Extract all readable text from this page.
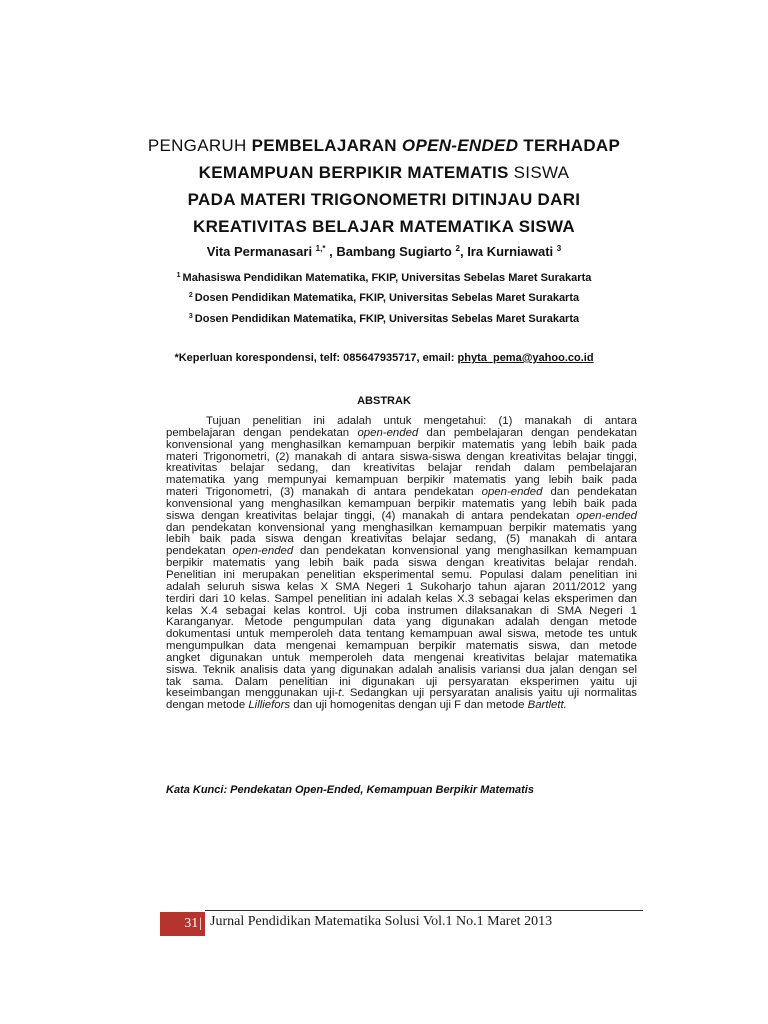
PENGARUH PEMBELAJARAN OPEN-ENDED TERHADAP
KEMAMPUAN BERPIKIR MATEMATIS SISWA
PADA MATERI TRIGONOMETRI DITINJAU DARI
KREATIVITAS BELAJAR MATEMATIKA SISWA
Vita Permanasari $^{1,*}$ , Bambang Sugiarto $^2$, Ira Kurniawati $^3$
$^1$ Mahasiswa Pendidikan Matematika, FKIP, Universitas Sebelas Maret Surakarta
$^2$ Dosen Pendidikan Matematika, FKIP, Universitas Sebelas Maret Surakarta
$^3$ Dosen Pendidikan Matematika, FKIP, Universitas Sebelas Maret Surakarta
*Keperluan korespondensi, telf: 085647935717, email: phyta_pema@yahoo.co.id
ABSTRAK
Tujuan penelitian ini adalah untuk mengetahui: (1) manakah di antara
pembelajaran dengan pendekatan open-ended dan pembelajaran dengan pendekatan
konvensional yang menghasilkan kemampuan berpikir matematis yang lebih baik pada
materi Trigonometri, (2) manakah di antara siswa-siswa dengan kreativitas belajar tinggi,
kreativitas belajar sedang, dan kreativitas belajar rendah dalam pembelajaran
matematika yang mempunyai kemampuan berpikir matematis yang lebih baik pada
materi Trigonometri, (3) manakah di antara pendekatan open-ended dan pendekatan
konvensional yang menghasilkan kemampuan berpikir matematis yang lebih baik pada
siswa dengan kreativitas belajar tinggi, (4) manakah di antara pendekatan open-ended
dan pendekatan konvensional yang menghasilkan kemampuan berpikir matematis yang
lebih baik pada siswa dengan kreativitas belajar sedang, (5) manakah di antara
pendekatan open-ended dan pendekatan konvensional yang menghasilkan kemampuan
berpikir matematis yang lebih baik pada siswa dengan kreativitas belajar rendah.
Penelitian ini merupakan penelitian eksperimental semu. Populasi dalam penelitian ini
adalah seluruh siswa kelas X SMA Negeri 1 Sukoharjo tahun ajaran 2011/2012 yang
terdiri dari 10 kelas. Sampel penelitian ini adalah kelas X.3 sebagai kelas eksperimen dan
kelas X.4 sebagai kelas kontrol. Uji coba instrumen dilaksanakan di SMA Negeri 1
Karanganyar. Metode pengumpulan data yang digunakan adalah dengan metode
dokumentasi untuk memperoleh data tentang kemampuan awal siswa, metode tes untuk
mengumpulkan data mengenai kemampuan berpikir matematis siswa, dan metode
angket digunakan untuk memperoleh data mengenai kreativitas belajar matematika
siswa. Teknik analisis data yang digunakan adalah analisis variansi dua jalan dengan sel
tak sama. Dalam penelitian ini digunakan uji persyaratan eksperimen yaitu uji
keseimbangan menggunakan uji-t. Sedangkan uji persyaratan analisis yaitu uji normalitas
dengan metode Lilliefors dan uji homogenitas dengan uji F dan metode Bartlett.
Kata Kunci: Pendekatan Open-Ended, Kemampuan Berpikir Matematis
31 | Jurnal Pendidikan Matematika Solusi Vol.1 No.1 Maret 2013
